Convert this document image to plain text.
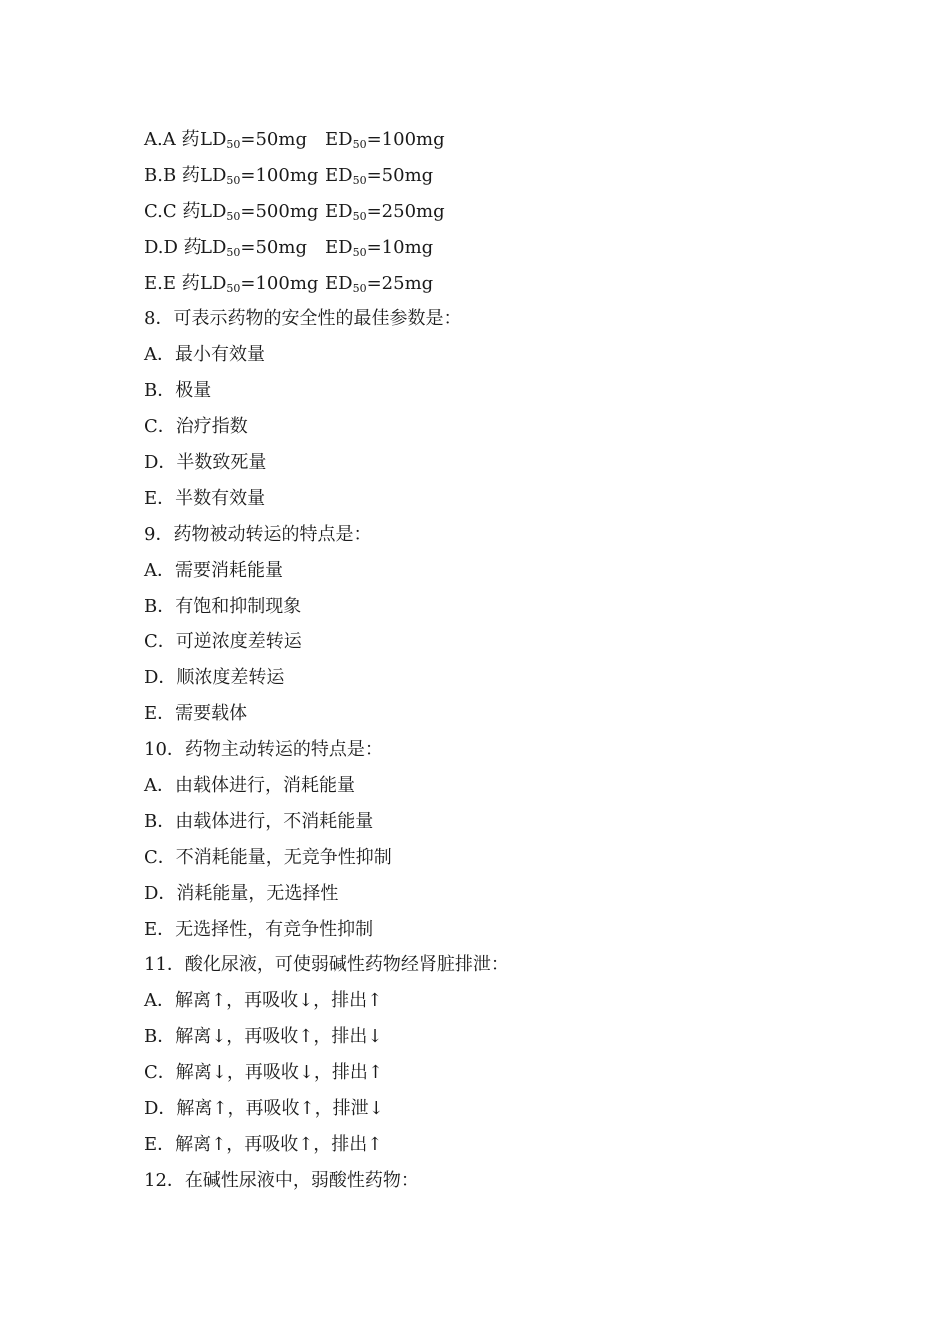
A.A 药 $LD_{50}=50mg$	$ED_{50}=100mg$
B.B 药 $LD_{50}=100mg$ $ED_{50}=50mg$
C.C 药 $LD_{50}=500mg$ $ED_{50}=250mg$
D.D 药
$LD_{50}=50mg$	$ED_{50}=10mg$
E.E 药 $LD_{50}=100mg$ $ED_{50}=25mg$
8．可表示药物的安全性的最佳参数是：
A．最小有效量
B．极量
C．治疗指数
D．半数致死量
E．半数有效量
9．药物被动转运的特点是：
A．需要消耗能量
B．有饱和抑制现象
C．可逆浓度差转运
D．顺浓度差转运
E．需要载体
10．药物主动转运的特点是：
A．由载体进行，消耗能量
B．由载体进行，不消耗能量
C．不消耗能量，无竞争性抑制
D．消耗能量，无选择性
E．无选择性，有竞争性抑制
11．酸化尿液，可使弱碱性药物经肾脏排泄：
A．解离↑，再吸收↓，排出↑
B．解离↓，再吸收↑，排出↓
C．解离↓，再吸收↓，排出↑
D．解离↑，再吸收↑，排泄↓
E．解离↑，再吸收↑，排出↑
12．在碱性尿液中，弱酸性药物：
